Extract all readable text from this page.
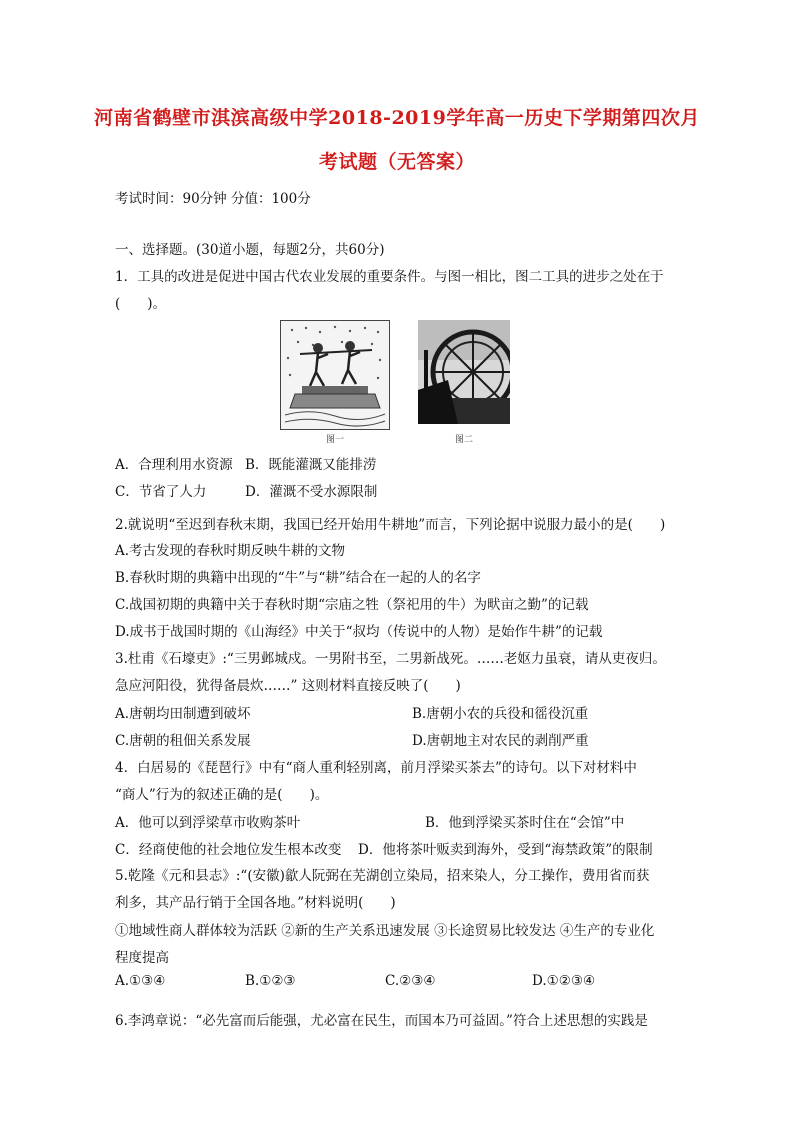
河南省鹤壁市淇滨高级中学2018-2019学年高一历史下学期第四次月
考试题（无答案）
考试时间：90分钟 分值：100分
一、选择题。(30道小题，每题2分，共60分)
1．工具的改进是促进中国古代农业发展的重要条件。与图一相比，图二工具的进步之处在于
(　　)。
图一	图二
A．合理利用水资源 B．既能灌溉又能排涝
C．节省了人力	D．灌溉不受水源限制
2.就说明“至迟到春秋末期，我国已经开始用牛耕地”而言，下列论据中说服力最小的是(　　)
A.考古发现的春秋时期反映牛耕的文物
B.春秋时期的典籍中出现的“牛”与“耕”结合在一起的人的名字
C.战国初期的典籍中关于春秋时期“宗庙之牲（祭祀用的牛）为畎亩之勤”的记载
D.成书于战国时期的《山海经》中关于“叔均（传说中的人物）是始作牛耕”的记载
3.杜甫《石壕吏》:“三男邺城戍。一男附书至，二男新战死。……老妪力虽衰，请从吏夜归。
急应河阳役，犹得备晨炊……” 这则材料直接反映了(　　)
A.唐朝均田制遭到破坏	B.唐朝小农的兵役和徭役沉重
C.唐朝的租佃关系发展	D.唐朝地主对农民的剥削严重
4．白居易的《琵琶行》中有“商人重利轻别离，前月浮梁买茶去”的诗句。以下对材料中
“商人”行为的叙述正确的是(　　)。
A．他可以到浮梁草市收购茶叶	B．他到浮梁买茶时住在“会馆”中
C．经商使他的社会地位发生根本改变 D．他将茶叶贩卖到海外，受到“海禁政策”的限制
5.乾隆《元和县志》:“(安徽)歙人阮弼在芜湖创立染局，招来染人，分工操作，费用省而获
利多，其产品行销于全国各地。”材料说明(　　)
①地域性商人群体较为活跃 ②新的生产关系迅速发展 ③长途贸易比较发达 ④生产的专业化
程度提高
A.①③④	B.①②③	C.②③④	D.①②③④
6.李鸿章说：“必先富而后能强，尤必富在民生，而国本乃可益固。”符合上述思想的实践是
